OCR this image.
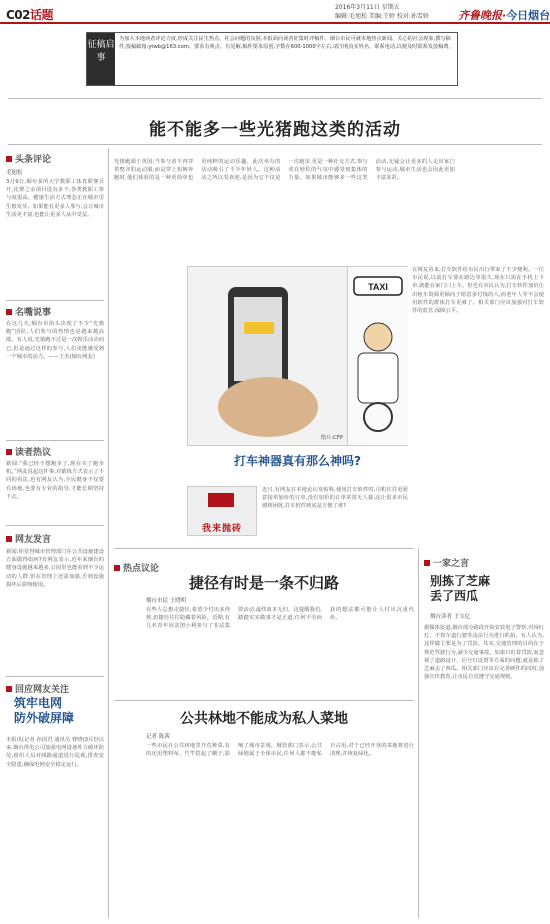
C02话题
2016年3月11日 星期五
编辑:毛旭松 美编:王婷 校对:孙雪娇	齐鲁晚报·今日烟台
征稿启事
为加大本地读者评论力度,形成关注民生热点、社会问题的氛围,本报面向读者征集时评稿件。烟台市民可就本地热点新闻、关心的社会现象,撰写稿件,投稿邮箱:ytwb@163.com。要求有观点、有见解,稿件要求原创,字数在600-1000字左右,请注明真实姓名、联系电话,以便及时联系发放稿费。
能不能多一些光猪跑这类的活动
头条评论
毛旭松
3月9日,烟台多所大学教职工体育联赛召开,比赛之余项目设有多个,各类教职工参与度很高。健康生活方式理念正在城市里生根发芽。如果能有更多人参与,会让城市生活更丰富,也能让更多人从中受益。
名嘴说事
在这几天,烟台市街头出现了不少“光猪跑”团队,人们参与的热情也是越来越高涨。有人说,光猪跑不过是一次娱乐活动而已,但是通过这样的参与,人们更能感受到一个城市的活力。——王杰(烟台网友)
读者热议
新闻:“我已经不想跑步了,现在买了跑步机。”网友说起这件事,对锻炼方式表示了不同的看法,也有网友认为,全民健身不仅要有场地,也要有专业的指导,才能长期坚持下去。
网友发言
新闻:你觉得城市管理部门在公共设施建设方面做得如何?有网友表示,近年来烟台的健身设施越来越多,公园里也能看到不少运动的人群,但在管理上还需加强,否则设施损坏后影响使用。
回应网友关注
筑牢电网
防外破屏障
本报讯(记者 孙国君 通讯员 曹晓)3月份以来,烟台供电公司加强电网设备外力破坏防范,组织人员对线路通道进行巡视,排查安全隐患,确保电网安全稳定运行。
光猪跑源于英国,当参与者不再穿着整齐的运动服,而是穿上短裤奔跑时,他们体验的是一种更简单也更纯粹的运动乐趣。此次举办的活动吸引了不少年轻人。这种活动之所以受欢迎,是因为它不仅是一次跑步,更是一种社交方式,参与者在轻松的气氛中感受到集体的力量。如果城市能够多一些这类活动,无疑会让更多的人走出家门参与运动,城市生活也会因此更加丰富多彩。
图片:CFP
TAXI
在网友看来,打车软件给市民出行带来了不少便利。一位市民说,以前打车要在路边等很久,现在只需在手机上下单,就能在家门口上车。但也有市民认为,打车软件加价让出租车资源更倾向于愿意多付钱的人,而老年人等不会使用软件的群体打车更难了。相关部门应该加强对打车软件的监管,保障公平。
打车神器真有那么神吗?
我来抛砖
近日,有网友在本地论坛发帖称,使用打车软件时,司机往往更愿意接单加价的订单,没有加价的订单常常无人接,这让很多市民感到困扰,打车软件到底是方便了谁?
热点议论
捷径有时是一条不归路
烟台市民 王晓明
有些人总想走捷径,希望少付出多得到,但捷径往往隐藏着风险。近期,有几名青年因贪图小利参与了非法集资活动,最终血本无归。这提醒我们,踏踏实实做事才是正道,任何不劳而获的想法都可能让人付出沉重代价。
公共林地不能成为私人菜地
记者 陈茜
一些市民在公共林地里开荒种菜,有的还用塑料布、竹竿搭起了棚子,影响了城市景观。城管部门表示,公共绿地属于全体市民,任何人都不能私自占用,对于已经开垦的菜地将进行清理,并恢复绿化。
一家之言
别拣了芝麻
丢了西瓜
烟台读者 王宝亿
据媒体报道,烟台部分路段开始安装电子警察,对闯红灯、不按车道行驶等违法行为进行抓拍。有人认为,这样做主要是为了罚款。其实,交通管理的目的在于规范驾驶行为,减少交通事故。如果只盯着罚款,而忽视了道路设计、信号灯设置等方面的问题,就是拣了芝麻丢了西瓜。相关部门应该在完善硬件的同时,加强宣传教育,让市民自觉遵守交通规则。
